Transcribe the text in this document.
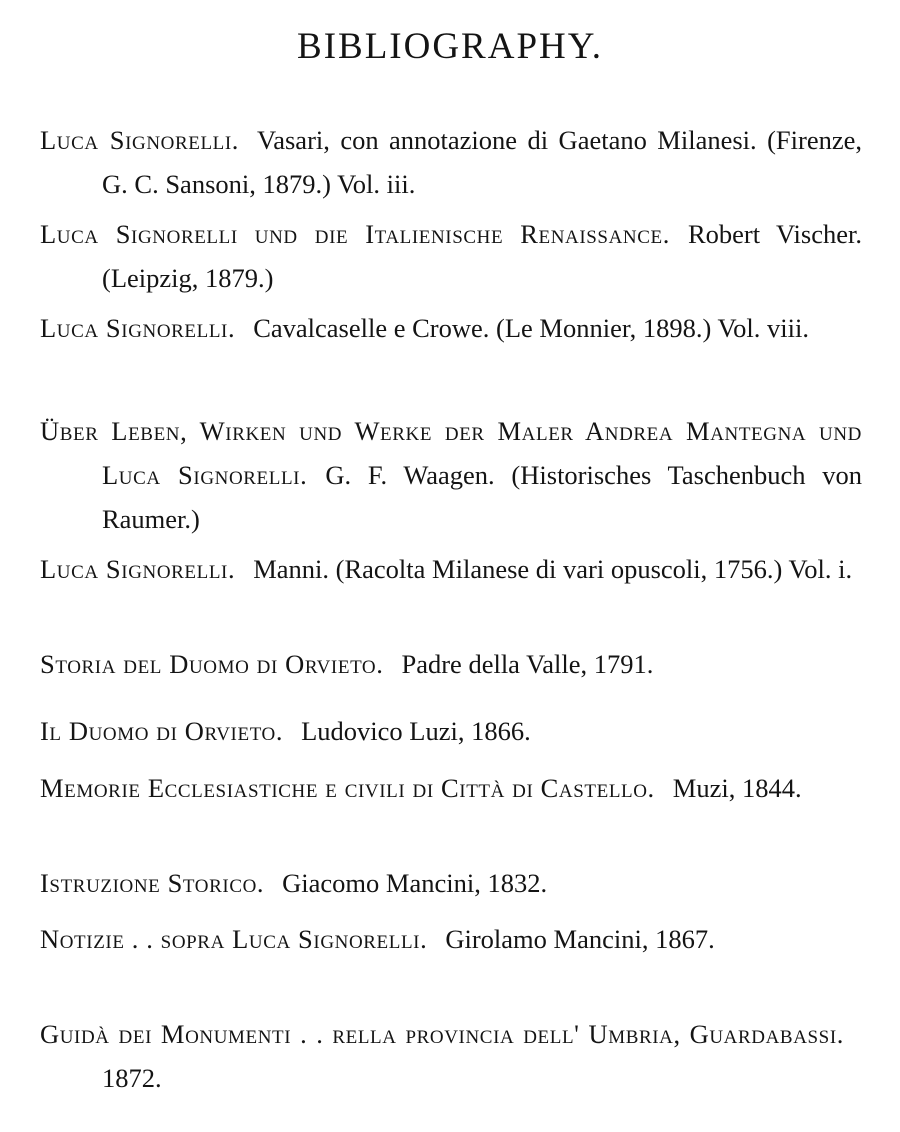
BIBLIOGRAPHY.

Luca Signorelli. Vasari, con annotazione di Gaetano Milanesi. (Firenze, G. C. Sansoni, 1879.) Vol. iii.

Luca Signorelli und die Italienische Renaissance. Robert Vischer. (Leipzig, 1879.)

Luca Signorelli. Cavalcaselle e Crowe. (Le Monnier, 1898.) Vol. viii.

Über Leben, Wirken und Werke der Maler Andrea Mantegna und Luca Signorelli. G. F. Waagen. (Historisches Taschenbuch von Raumer.)

Luca Signorelli. Manni. (Racolta Milanese di vari opuscoli, 1756.) Vol. i.

Storia del Duomo di Orvieto. Padre della Valle, 1791.

Il Duomo di Orvieto. Ludovico Luzi, 1866.

Memorie Ecclesiastiche e civili di Città di Castello. Muzi, 1844.

Istruzione Storico. Giacomo Mancini, 1832.

Notizie . . sopra Luca Signorelli. Girolamo Mancini, 1867.

Guidà dei Monumenti . . rella provincia dell' Umbria, Guardabassi.1872.
